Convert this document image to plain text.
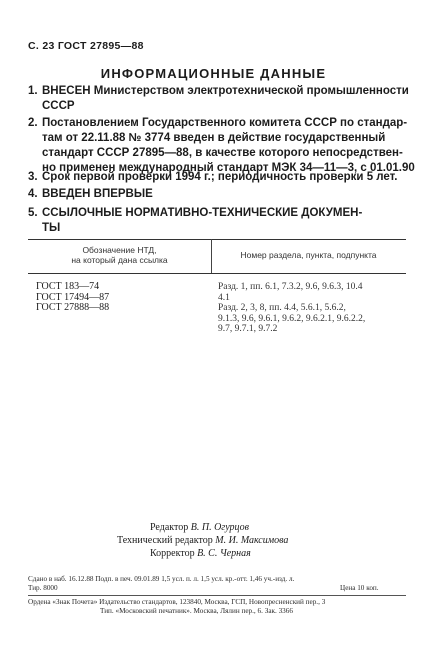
С. 23 ГОСТ 27895—88
ИНФОРМАЦИОННЫЕ ДАННЫЕ
1. ВНЕСЕН Министерством электротехнической промышленности
СССР
2. Постановлением Государственного комитета СССР по стандар-
там от 22.11.88 № 3774 введен в действие государственный
стандарт СССР 27895—88, в качестве которого непосредствен-
но применен международный стандарт МЭК 34—11—3, с 01.01.90
3. Срок первой проверки 1994 г.; периодичность проверки 5 лет.
4. ВВЕДЕН ВПЕРВЫЕ
5. ССЫЛОЧНЫЕ НОРМАТИВНО-ТЕХНИЧЕСКИЕ ДОКУМЕН-
ТЫ
Обозначение НТД,
на который дана ссылка	Номер раздела, пункта, подпункта
ГОСТ 183—74
ГОСТ 17494—87
ГОСТ 27888—88
Разд. 1, пп. 6.1, 7.3.2, 9.6, 9.6.3, 10.4
4.1
Разд. 2, 3, 8, пп. 4.4, 5.6.1, 5.6.2,
9.1.3, 9.6, 9.6.1, 9.6.2, 9.6.2.1, 9.6.2.2,
9.7, 9.7.1, 9.7.2
Редактор В. П. Огурцов
Технический редактор М. И. Максимова
Корректор В. С. Черная
Сдано в наб. 16.12.88 Подп. в печ. 09.01.89 1,5 усл. п. л. 1,5 усл. кр.-отт. 1,46 уч.-изд. л.
Тир. 8000	Цена 10 коп.
Ордена «Знак Почета» Издательство стандартов, 123840, Москва, ГСП, Новопресненский пер., 3
Тип. «Московский печатник». Москва, Лялин пер., 6. Зак. 3366
